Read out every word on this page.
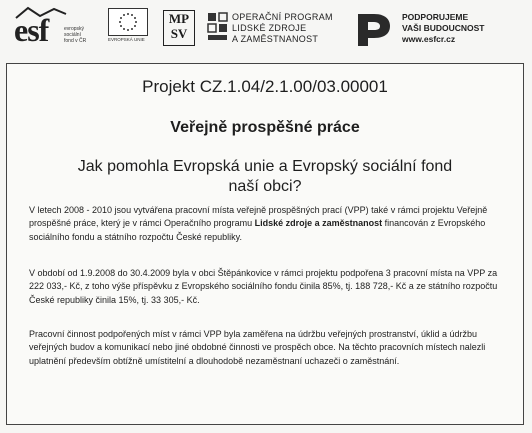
esf	evropský
sociální
fond v ČR	EVROPSKÁ UNIE
MP
SV
OPERAČNÍ PROGRAM
LIDSKÉ ZDROJE
A ZAMĚSTNANOST
PODPORUJEME
VAŠI BUDOUCNOST
www.esfcr.cz
Projekt CZ.1.04/2.1.00/03.00001
Veřejně prospěšné práce
Jak pomohla Evropská unie a Evropský sociální fond
naší obci?
V letech 2008 - 2010 jsou vytvářena pracovní místa veřejně prospěšných prací (VPP) také v rámci projektu Veřejně prospěšné práce, který je v rámci Operačního programu Lidské zdroje a zaměstnanost financován z Evropského sociálního fondu a státního rozpočtu České republiky.
V období od 1.9.2008 do 30.4.2009 byla v obci Štěpánkovice v rámci projektu podpořena 3 pracovní místa na VPP za 222 033,- Kč, z toho výše příspěvku z Evropského sociálního fondu činila 85%, tj. 188 728,- Kč a ze státního rozpočtu České republiky činila 15%, tj. 33 305,- Kč.
Pracovní činnost podpořených míst v rámci VPP byla zaměřena na údržbu veřejných prostranství, úklid a údržbu veřejných budov a komunikací nebo jiné obdobné činnosti ve prospěch obce. Na těchto pracovních místech nalezli uplatnění především obtížně umístitelní a dlouhodobě nezaměstnaní uchazeči o zaměstnání.
